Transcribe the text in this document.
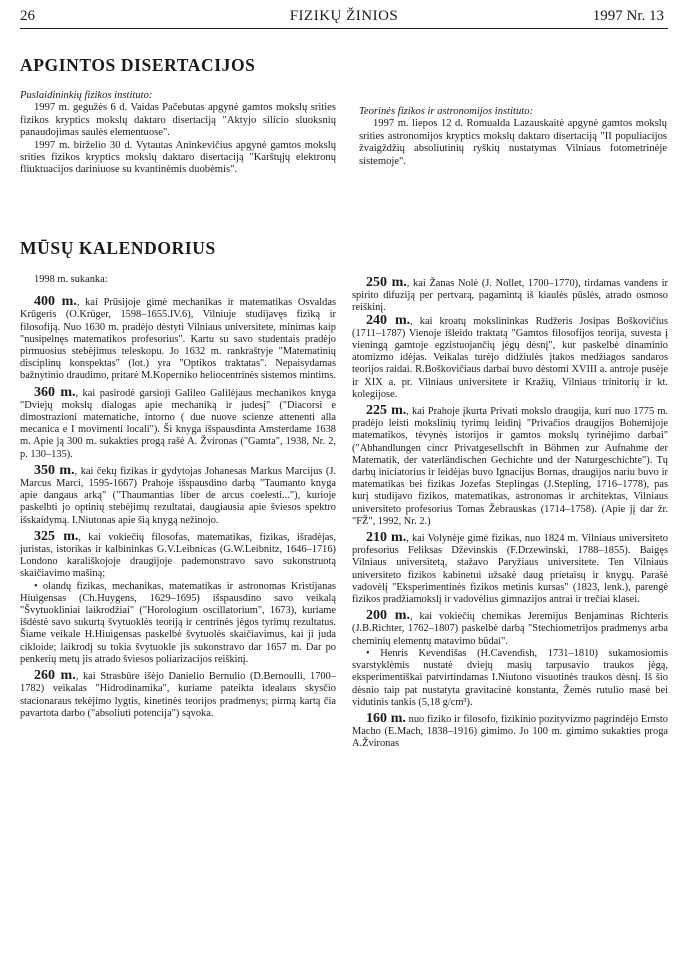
26	FIZIKŲ ŽINIOS	1997 Nr. 13
APGINTOS DISERTACIJOS

Puslaidininkių fizikos instituto:

1997 m. gegužės 6 d. Vaidas Pačebutas apgynė gamtos mokslų srities fizikos kryptics mokslų daktaro disertaciją "Aktyjo silicio sluoksnių panaudojimas saulės elementuose".

1997 m. birželio 30 d. Vytautas Aninkevičius apgynė gamtos mokslų srities fizikos kryptics mokslų daktaro disertaciją "Karštųjų elektronų fliuktuacijos dariniuose su kvantinėmis duobėmis".

Teorinės fizikos ir astronomijos instituto:

1997 m. liepos 12 d. Romualda Lazauskaitė apgynė gamtos mokslų srities astronomijos kryptics mokslų daktaro disertaciją "II populiacijos žvaigždžių absoliutinių ryškių nustatymas Vilniaus fotometrinėje sistemoje".

MŪSŲ KALENDORIUS

1998 m. sukanka:

400 m., kai Prūsijoje gimė mechanikas ir matematikas Osvaldas Krūgeris (O.Krüger, 1598–1655.IV.6), Vilniuje studijavęs fiziką ir filosofiją. Nuo 1630 m. pradėjo dėstyti Vilniaus universitete, minimas kaip "nusipelnęs matematikos profesorius". Kartu su savo studentais pradėjo pirmuosius stebėjimus teleskopu. Jo 1632 m. rankraštyje "Matematinių disciplinų konspektas" (lot.) yra "Optikos traktatas". Nepaisydamas bažnytinio draudimo, pritarė M.Koperniko heliocentrinės sistemos mintims.

360 m., kai pasirodė garsioji Galileo Galilėjaus mechanikos knyga "Dviejų mokslų dialogas apie mechaniką ir judesį" ("Diacorsi e dimostrazioni matematiche, intorno ( due nuove scienze attenenti alla mecanica e I movimenti locali"). Ši knyga išspausdinta Amsterdame 1638 m. Apie ją 300 m. sukakties progą rašė A. Žvironas ("Gamta", 1938, Nr. 2, p. 130–135).

350 m., kai čekų fizikas ir gydytojas Johanesas Markus Marcijus (J. Marcus Marci, 1595-1667) Prahoje išspausdino darbą "Taumanto knyga apie dangaus arką" ("Thaumantias liber de arcus coelesti..."), kurioje paskelbti jo optinių stebėjimų rezultatai, daugiausia apie šviesos spektro išskaidymą. I.Niutonas apie šią knygą nežinojo.

325 m., kai vokiečių filosofas, matematikas, fizikas, išradėjas, juristas, istorikas ir kalbininkas G.V.Leibnicas (G.W.Leibnitz, 1646–1716) Londono karališkojoje draugijoje pademonstravo savo sukonstruotą skaičiavimo mašiną;

• olandų fizikas, mechanikas, matematikas ir astronomas Kristijanas Hiuigensas (Ch.Huygens, 1629–1695) išspausdino savo veikalą "Švytuokliniai laikrodžiai" ("Horologium oscillatorium", 1673), kuriame išdėstė savo sukurtą švytuoklės teoriją ir centrinės jėgos tyrimų rezultatus. Šiame veikale H.Hiuigensas paskelbė švytuolės skaičiavimus, kai ji juda cikloide; laikrodį su tokia švytuokle jis sukonstravo dar 1657 m. Dar po penkerių metų jis atrado šviesos poliarizacijos reiškinį.

260 m., kai Strasbūre išėjo Danielio Bernulio (D.Bernoulli, 1700–1782) veikalas "Hidrodinamika", kuriame pateikta idealaus skysčio stacionaraus tekėjimo lygtis, kinetinės teorijos pradmenys; pirmą kartą čia pavartota darbo ("absoliuti potencija") sąvoka.

250 m., kai Žanas Nolė (J. Nollet, 1700–1770), tirdamas vandens ir spirito difuziją per pertvarą, pagamintą iš kiaulės pūslės, atrado osmoso reiškinį.

240 m., kai kroatų mokslininkas Rudžeris Josipas Boškovičius (1711–1787) Vienoje išleido traktatą "Gamtos filosofijos teorija, suvesta į vieningą gamtoje egzistuojančių jėgų dėsnį", kur paskelbė dinaminio atomizmo idėjas. Veikalas turėjo didžiulės įtakos medžiagos sandaros teorijos raidai. R.Boškovičiaus darbai buvo dėstomi XVIII a. antroje pusėje ir XIX a. pr. Vilniaus universitete ir Kražių, Vilniaus trinitorių ir kt. kolegijose.

225 m., kai Prahoje įkurta Privati mokslo draugija, kuri nuo 1775 m. pradėjo leisti mokslinių tyrimų leidinį "Privačios draugijos Bohemijoje matematikos, tėvynės istorijos ir gamtos mokslų tyrinėjimo darbai" ("Abhandlungen cincr Privatgesellschft in Böhmen zur Aufnahme der Matematik, der vaterländischen Gechichte und der Naturgeschichte"). Tų darbų iniciatorius ir leidėjas buvo Ignacijus Bornas, draugijos nariu buvo ir matematikas bei fizikas Jozefas Steplingas (J.Stepling, 1716–1778), pas kurį studijavo fizikos, matematikas, astronomas ir architektas, Vilniaus universiteto profesorius Tomas Žebrauskas (1714–1758). (Apie jį dar žr. "FŽ", 1992, Nr. 2.)

210 m., kai Volynėje gimė fizikas, nuo 1824 m. Vilniaus universiteto profesorius Feliksas Dževinskis (F.Drzewinski, 1788–1855). Baigęs Vilniaus universitetą, stažavo Paryžiaus universitete. Ten Vilniaus universiteto fizikos kabinetui užsakė daug prietaisų ir knygų. Parašė vadovėlį "Eksperimentinės fizikos metinis kursas" (1823, lenk.), parengė fizikos pradžiamokslį ir vadovėlius gimnazijos antrai ir trečiai klasei.

200 m., kai vokiečių chemikas Jeremijus Benjaminas Richteris (J.B.Richter, 1762–1807) paskelbė darbą "Stechiometrijos pradmenys arba cheminių elementų matavimo būdai".

• Henris Kevendišas (H.Cavendish, 1731–1810) sukamosiomis svarstyklėmis nustatė dviejų masių tarpusavio traukos jėgą, eksperimentiškai patvirtindamas I.Niutono visuotinės traukos dėsnį. Iš šio dėsnio taip pat nustatyta gravitacinė konstanta, Žemės rutulio masė bei vidutinis tankis (5,18 g/cm³).

160 m. nuo fiziko ir filosofo, fizikinio pozityvizmo pagrindėjo Ernsto Macho (E.Mach, 1838–1916) gimimo. Jo 100 m. gimimo sukakties proga A.Žvironas
